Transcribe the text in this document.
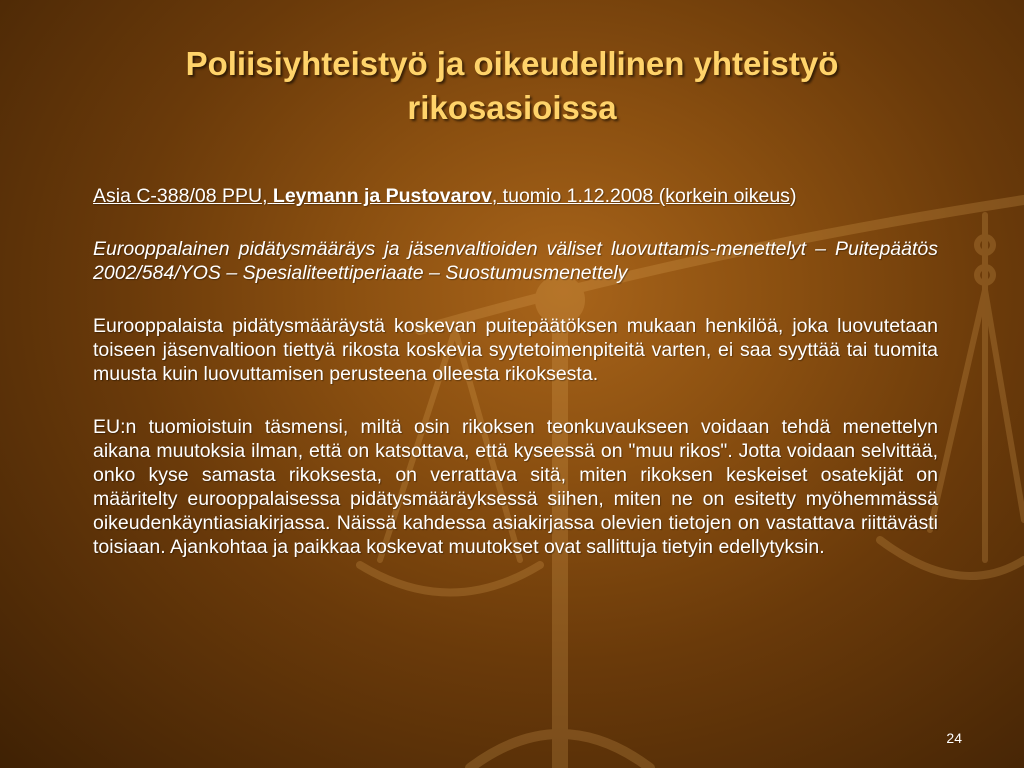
Poliisiyhteistyö ja oikeudellinen yhteistyö
rikosasioissa

Asia C-388/08 PPU, Leymann ja Pustovarov, tuomio 1.12.2008 (korkein oikeus)

Eurooppalainen pidätysmääräys ja jäsenvaltioiden väliset luovuttamis-menettelyt – Puitepäätös 2002/584/YOS – Spesialiteettiperiaate – Suostumusmenettely

Eurooppalaista pidätysmääräystä koskevan puitepäätöksen mukaan henkilöä, joka luovutetaan toiseen jäsenvaltioon tiettyä rikosta koskevia syytetoimenpiteitä varten, ei saa syyttää tai tuomita muusta kuin luovuttamisen perusteena olleesta rikoksesta.

EU:n tuomioistuin täsmensi, miltä osin rikoksen teonkuvaukseen voidaan tehdä menettelyn aikana muutoksia ilman, että on katsottava, että kyseessä on "muu rikos". Jotta voidaan selvittää, onko kyse samasta rikoksesta, on verrattava sitä, miten rikoksen keskeiset osatekijät on määritelty eurooppalaisessa pidätysmääräyksessä siihen, miten ne on esitetty myöhemmässä oikeudenkäyntiasiakirjassa. Näissä kahdessa asiakirjassa olevien tietojen on vastattava riittävästi toisiaan. Ajankohtaa ja paikkaa koskevat muutokset ovat sallittuja tietyin edellytyksin.

24
